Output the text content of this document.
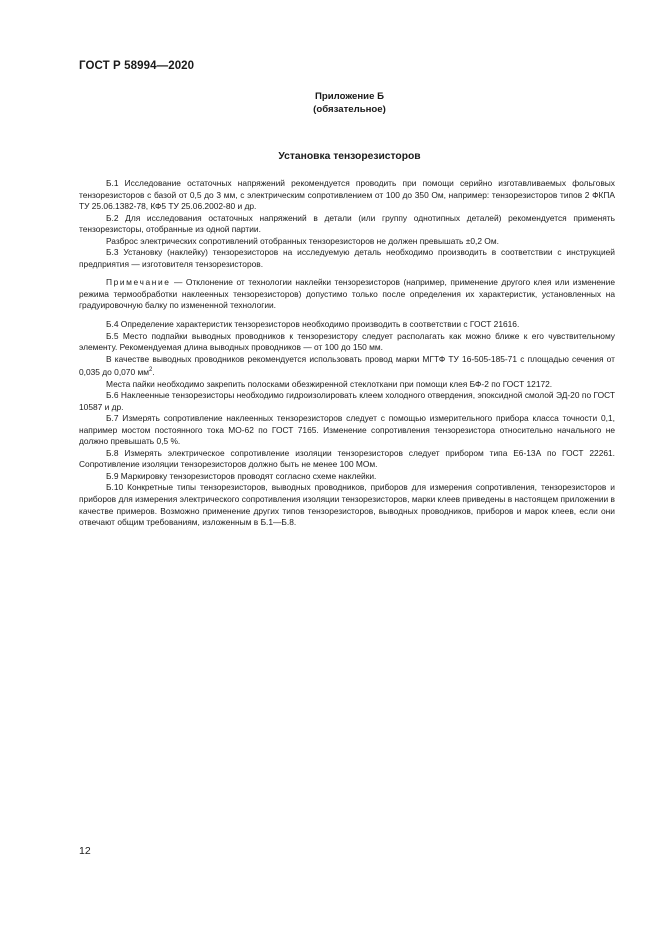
ГОСТ Р 58994—2020
Приложение Б
(обязательное)
Установка тензорезисторов

Б.1 Исследование остаточных напряжений рекомендуется проводить при помощи серийно изготавливаемых фольговых тензорезисторов с базой от 0,5 до 3 мм, с электрическим сопротивлением от 100 до 350 Ом, например: тензорезисторов типов 2 ФКПА ТУ 25.06.1382-78, КФ5 ТУ 25.06.2002-80 и др.

Б.2 Для исследования остаточных напряжений в детали (или группу однотипных деталей) рекомендуется применять тензорезисторы, отобранные из одной партии.

Разброс электрических сопротивлений отобранных тензорезисторов не должен превышать ±0,2 Ом.

Б.3 Установку (наклейку) тензорезисторов на исследуемую деталь необходимо производить в соответствии с инструкцией предприятия — изготовителя тензорезисторов.

Примечание — Отклонение от технологии наклейки тензорезисторов (например, применение другого клея или изменение режима термообработки наклеенных тензорезисторов) допустимо только после определения их характеристик, установленных на градуировочную балку по измененной технологии.

Б.4 Определение характеристик тензорезисторов необходимо производить в соответствии с ГОСТ 21616.

Б.5 Место подпайки выводных проводников к тензорезистору следует располагать как можно ближе к его чувствительному элементу. Рекомендуемая длина выводных проводников — от 100 до 150 мм.

В качестве выводных проводников рекомендуется использовать провод марки МГТФ ТУ 16-505-185-71 с площадью сечения от 0,035 до 0,070 $мм^2$.

Места пайки необходимо закрепить полосками обезжиренной стеклоткани при помощи клея БФ-2 по ГОСТ 12172.

Б.6 Наклеенные тензорезисторы необходимо гидроизолировать клеем холодного отвердения, эпоксидной смолой ЭД-20 по ГОСТ 10587 и др.

Б.7 Измерять сопротивление наклеенных тензорезисторов следует с помощью измерительного прибора класса точности 0,1, например мостом постоянного тока МО-62 по ГОСТ 7165. Изменение сопротивления тензорезистора относительно начального не должно превышать 0,5 %.

Б.8 Измерять электрическое сопротивление изоляции тензорезисторов следует прибором типа Е6-13А по ГОСТ 22261. Сопротивление изоляции тензорезисторов должно быть не менее 100 МОм.

Б.9 Маркировку тензорезисторов проводят согласно схеме наклейки.

Б.10 Конкретные типы тензорезисторов, выводных проводников, приборов для измерения сопротивления, тензорезисторов и приборов для измерения электрического сопротивления изоляции тензорезисторов, марки клеев приведены в настоящем приложении в качестве примеров. Возможно применение других типов тензорезисторов, выводных проводников, приборов и марок клеев, если они отвечают общим требованиям, изложенным в Б.1—Б.8.

12
